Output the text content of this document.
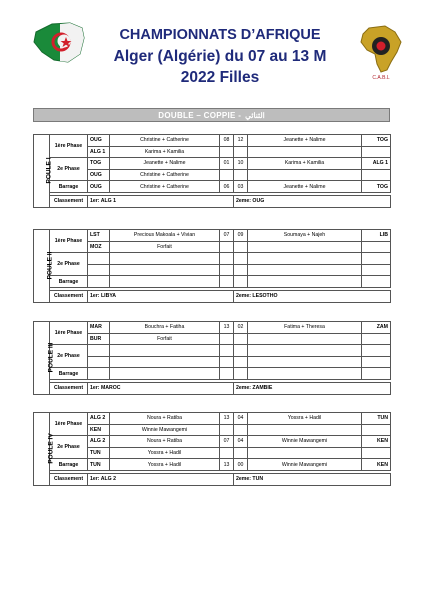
CHAMPIONNATS D’AFRIQUE
Alger (Algérie) du 07 au 13 M
2022 Filles	C.A.B.L
DOUBLE – COPPIE - الثنائي
POULE I	1ère Phase	OUG	Christine + Catherine	08	12	Jeanette + Nalime	TOG
		ALG 1	Karima + Kamilia				
	2e Phase	TOG	Jeanette + Nalime	01	10	Karima + Kamilia	ALG 1
		OUG	Christine + Catherine				
	Barrage	OUG	Christine + Catherine	06	03	Jeanette + Nalime	TOG

	Classement	1er: ALG 1			2eme: OUG		
POULE II	1ère Phase	LST	Precious Makoala + Vivian	07	09	Soumaya + Najeh	LIB
		MOZ	Forfait				
	2e Phase						

	Barrage						

	Classement	1er: LIBYA			2eme: LESOTHO		
POULE III	1ère Phase	MAR	Bouchra + Fatiha	13	02	Fatima + Theresa	ZAM
		BUR	Forfait				
	2e Phase						

	Barrage						

	Classement	1er: MAROC			2eme: ZAMBIE		
POULE IV	1ère Phase	ALG 2	Noura + Ratiba	13	04	Yossra + Hadil	TUN
		KEN	Winnie Mawangemi				
	2e Phase	ALG 2	Noura + Ratiba	07	04	Winnie Mawangemi	KEN
		TUN	Yossra + Hadil				
	Barrage	TUN	Yossra + Hadil	13	00	Winnie Mawangemi	KEN

	Classement	1er: ALG 2			2eme: TUN		
